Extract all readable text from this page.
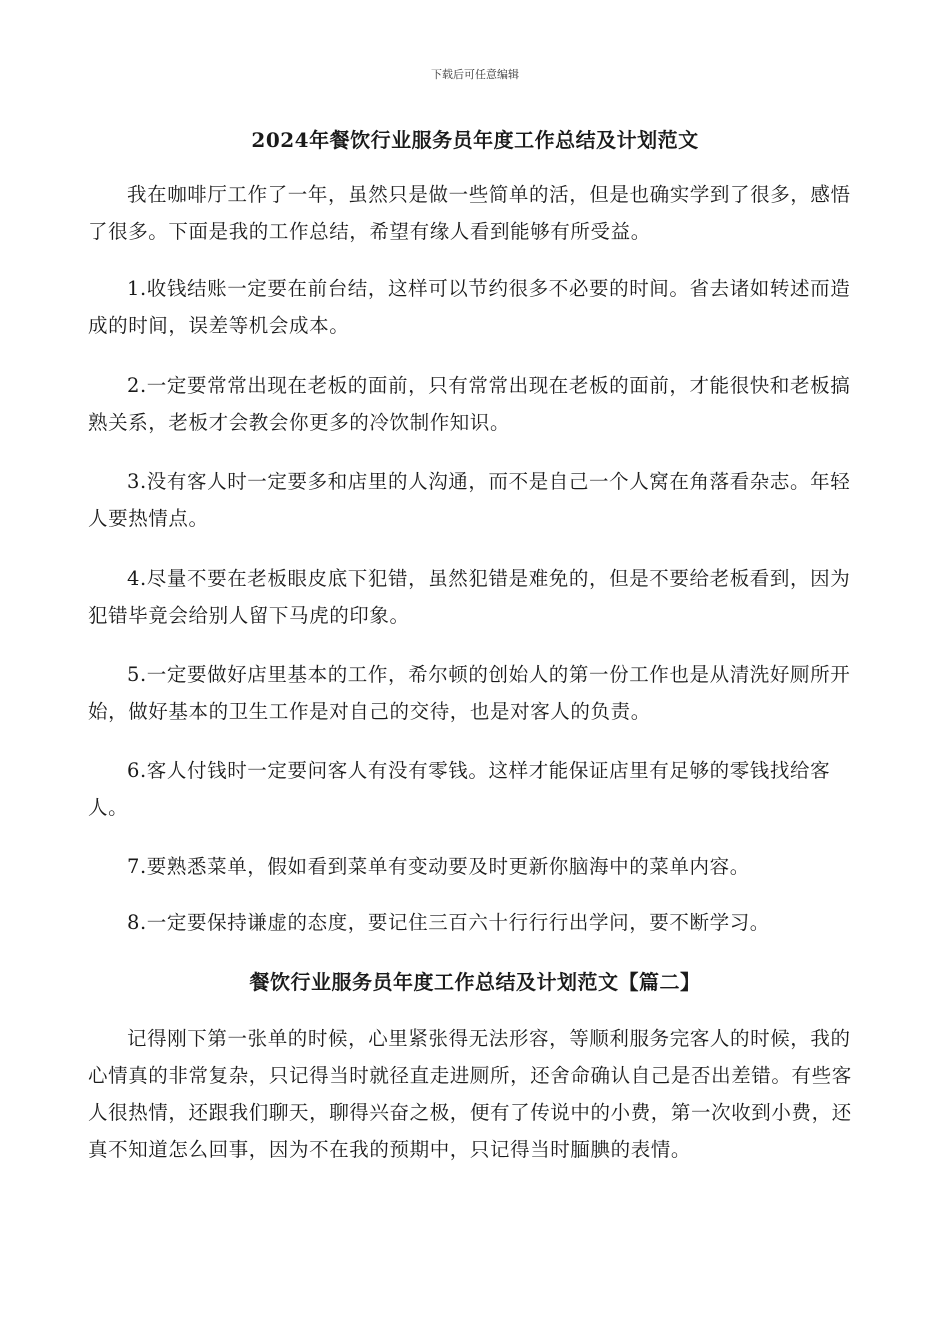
下载后可任意编辑
2024年餐饮行业服务员年度工作总结及计划范文

我在咖啡厅工作了一年，虽然只是做一些简单的活，但是也确实学到了很多，感悟了很多。下面是我的工作总结，希望有缘人看到能够有所受益。

1.收钱结账一定要在前台结，这样可以节约很多不必要的时间。省去诸如转述而造成的时间，误差等机会成本。

2.一定要常常出现在老板的面前，只有常常出现在老板的面前，才能很快和老板搞熟关系，老板才会教会你更多的冷饮制作知识。

3.没有客人时一定要多和店里的人沟通，而不是自己一个人窝在角落看杂志。年轻人要热情点。

4.尽量不要在老板眼皮底下犯错，虽然犯错是难免的，但是不要给老板看到，因为犯错毕竟会给别人留下马虎的印象。

5.一定要做好店里基本的工作，希尔顿的创始人的第一份工作也是从清洗好厕所开始，做好基本的卫生工作是对自己的交待，也是对客人的负责。

6.客人付钱时一定要问客人有没有零钱。这样才能保证店里有足够的零钱找给客人。

7.要熟悉菜单，假如看到菜单有变动要及时更新你脑海中的菜单内容。

8.一定要保持谦虚的态度，要记住三百六十行行行出学问，要不断学习。

餐饮行业服务员年度工作总结及计划范文【篇二】

记得刚下第一张单的时候，心里紧张得无法形容，等顺利服务完客人的时候，我的心情真的非常复杂，只记得当时就径直走进厕所，还舍命确认自己是否出差错。有些客人很热情，还跟我们聊天，聊得兴奋之极，便有了传说中的小费，第一次收到小费，还真不知道怎么回事，因为不在我的预期中，只记得当时腼腆的表情。
